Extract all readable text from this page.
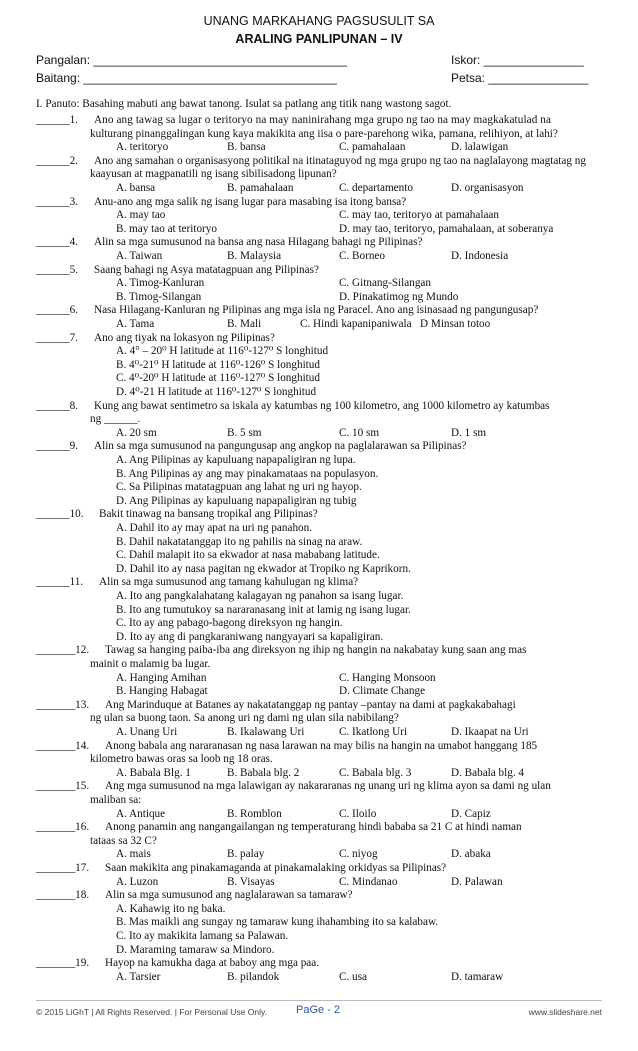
UNANG MARKAHANG PAGSUSULIT SA
ARALING PANLIPUNAN – IV
Pangalan: ______________________________________	Iskor: _______________
Baitang: ______________________________________	Petsa: _______________
I. Panuto: Basahing mabuti ang bawat tanong. Isulat sa patlang ang titik nang wastong sagot.
______1. Ano ang tawag sa lugar o teritoryo na may naninirahang mga grupo ng tao na may magkakatulad na
kulturang pinanggalingan kung kaya makikita ang iisa o pare-parehong wika, pamana, relihiyon, at lahi?
A. teritoryo	B. bansa	C. pamahalaan	D. lalawigan
______2. Ano ang samahan o organisasyong politikal na itinataguyod ng mga grupo ng tao na naglalayong magtatag ng
kaayusan at magpanatili ng isang sibilisadong lipunan?
A. bansa	B. pamahalaan	C. departamento	D. organisasyon
______3. Anu-ano ang mga salik ng isang lugar para masabing isa itong bansa?
A. may tao	C. may tao, teritoryo at pamahalaan
B. may tao at teritoryo	D. may tao, teritoryo, pamahalaan, at soberanya
______4. Alin sa mga sumusunod na bansa ang nasa Hilagang bahagi ng Pilipinas?
A. Taiwan	B. Malaysia	C. Borneo	D. Indonesia
______5. Saang bahagi ng Asya matatagpuan ang Pilipinas?
A. Timog-Kanluran	C. Gitnang-Silangan
B. Timog-Silangan	D. Pinakatimog ng Mundo
______6. Nasa Hilagang-Kanluran ng Pilipinas ang mga isla ng Paracel. Ano ang isinasaad ng pangungusap?
A. Tama	B. Mali	C. Hindi kapanipaniwala D Minsan totoo
______7. Ano ang tiyak na lokasyon ng Pilipinas?
A. 4° – 20⁰ H latitude at 116⁰-127⁰ S longhitud
B. 4⁰-21⁰ H latitude at 116⁰-126⁰ S longhitud
C. 4⁰-20⁰ H latitude at 116⁰-127⁰ S longhitud
D. 4⁰-21 H latitude at 116⁰-127⁰ S longhitud
______8. Kung ang bawat sentimetro sa iskala ay katumbas ng 100 kilometro, ang 1000 kilometro ay katumbas
ng ______.
A. 20 sm	B. 5 sm	C. 10 sm	D. 1 sm
______9. Alin sa mga sumusunod na pangungusap ang angkop na paglalarawan sa Pilipinas?
A. Ang Pilipinas ay kapuluang napapaligiran ng lupa.
B. Ang Pilipinas ay ang may pinakamataas na populasyon.
C. Sa Pilipinas matatagpuan ang lahat ng uri ng hayop.
D. Ang Pilipinas ay kapuluang napapaligiran ng tubig
______10. Bakit tinawag na bansang tropikal ang Pilipinas?
A. Dahil ito ay may apat na uri ng panahon.
B. Dahil nakatatanggap ito ng pahilis na sinag na araw.
C. Dahil malapit ito sa ekwador at nasa mababang latitude.
D. Dahil ito ay nasa pagitan ng ekwador at Tropiko ng Kaprikorn.
______11. Alin sa mga sumusunod ang tamang kahulugan ng klima?
A. Ito ang pangkalahatang kalagayan ng panahon sa isang lugar.
B. Ito ang tumutukoy sa nararanasang init at lamig ng isang lugar.
C. Ito ay ang pabago-bagong direksyon ng hangin.
D. Ito ay ang di pangkaraniwang nangyayari sa kapaligiran.
_______12. Tawag sa hanging paiba-iba ang direksyon ng ihip ng hangin na nakabatay kung saan ang mas
mainit o malamig ba lugar.
A. Hanging Amihan	C. Hanging Monsoon
B. Hanging Habagat	D. Climate Change
_______13. Ang Marinduque at Batanes ay nakatatanggap ng pantay –pantay na dami at pagkakabahagi
ng ulan sa buong taon. Sa anong uri ng dami ng ulan sila nabibilang?
A. Unang Uri	B. Ikalawang Uri	C. Ikatlong Uri	D. Ikaapat na Uri
_______14. Anong babala ang nararanasan ng nasa larawan na may bilis na hangin na umabot hanggang 185
kilometro bawas oras sa loob ng 18 oras.
A. Babala Blg. 1	B. Babala blg. 2	C. Babala blg. 3	D. Babala blg. 4
_______15. Ang mga sumusunod na mga lalawigan ay nakararanas ng unang uri ng klima ayon sa dami ng ulan
maliban sa:
A. Antique	B. Romblon	C. Iloilo	D. Capiz
_______16. Anong panamin ang nangangailangan ng temperaturang hindi bababa sa 21 C at hindi naman
tataas sa 32 C?
A. mais	B. palay	C. niyog	D. abaka
_______17. Saan makikita ang pinakamaganda at pinakamalaking orkidyas sa Pilipinas?
A. Luzon	B. Visayas	C. Mindanao	D. Palawan
_______18. Alin sa mga sumusunod ang naglalarawan sa tamaraw?
A. Kahawig ito ng baka.
B. Mas maikli ang sungay ng tamaraw kung ihahambing ito sa kalabaw.
C. Ito ay makikita lamang sa Palawan.
D. Maraming tamaraw sa Mindoro.
_______19. Hayop na kamukha daga at baboy ang mga paa.
A. Tarsier	B. pilandok	C. usa	D. tamaraw
© 2015 LiGhT | All Rights Reserved. | For Personal Use Only.	PaGe - 2	www.slideshare.net
